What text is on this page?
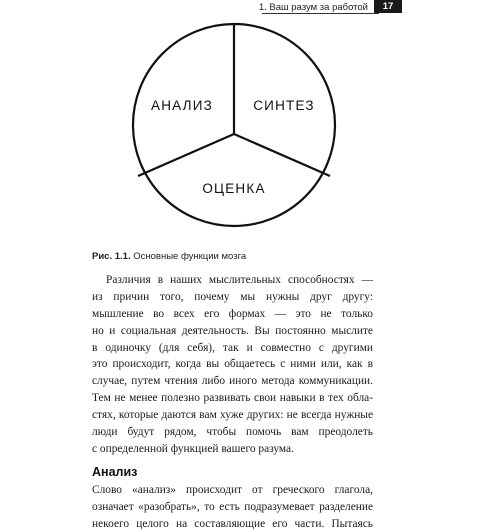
1. Ваш разум за работой	17
АНАЛИЗ	СИНТЕЗ
ОЦЕНКА
Рис. 1.1. Основные функции мозга
Различия в наших мыслительных способностях —
из причин того, почему мы нужны друг другу:
мышление во всех его формах — это не только
но и социальная деятельность. Вы постоянно мыслите
в одиночку (для себя), так и совместно с другими
это происходит, когда вы общаетесь с ними или, как в
случае, путем чтения либо иного метода коммуникации.
Тем не менее полезно развивать свои навыки в тех обла-
стях, которые даются вам хуже других: не всегда нужные
люди будут рядом, чтобы помочь вам преодолеть
с определенной функцией вашего разума.
Анализ
Слово «анализ» происходит от греческого глагола,
означает «разобрать», то есть подразумевает разделение
некоего целого на составляющие его части. Пытаясь
